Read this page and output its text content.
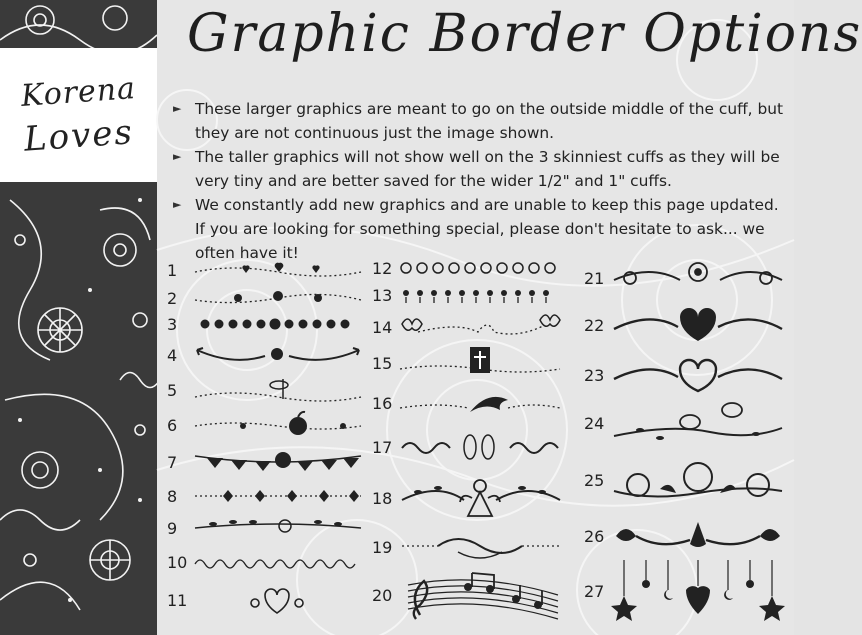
Korena
Loves
Graphic Border Options
► These larger graphics are meant to go on the outside middle of the cuff, but they are not continuous just the image shown.
► The taller graphics will not show well on the 3 skinniest cuffs as they will be very tiny and are better saved for the wider 1/2" and 1" cuffs.
► We constantly add new graphics and are unable to keep this page updated. If you are looking for something special, please don't hesitate to ask... we often have it!
1
2
3
4
5
6
7
8
9
10
11
12
13
14
15
16
17
18
19
20
21
22
23
24
25
26
27
